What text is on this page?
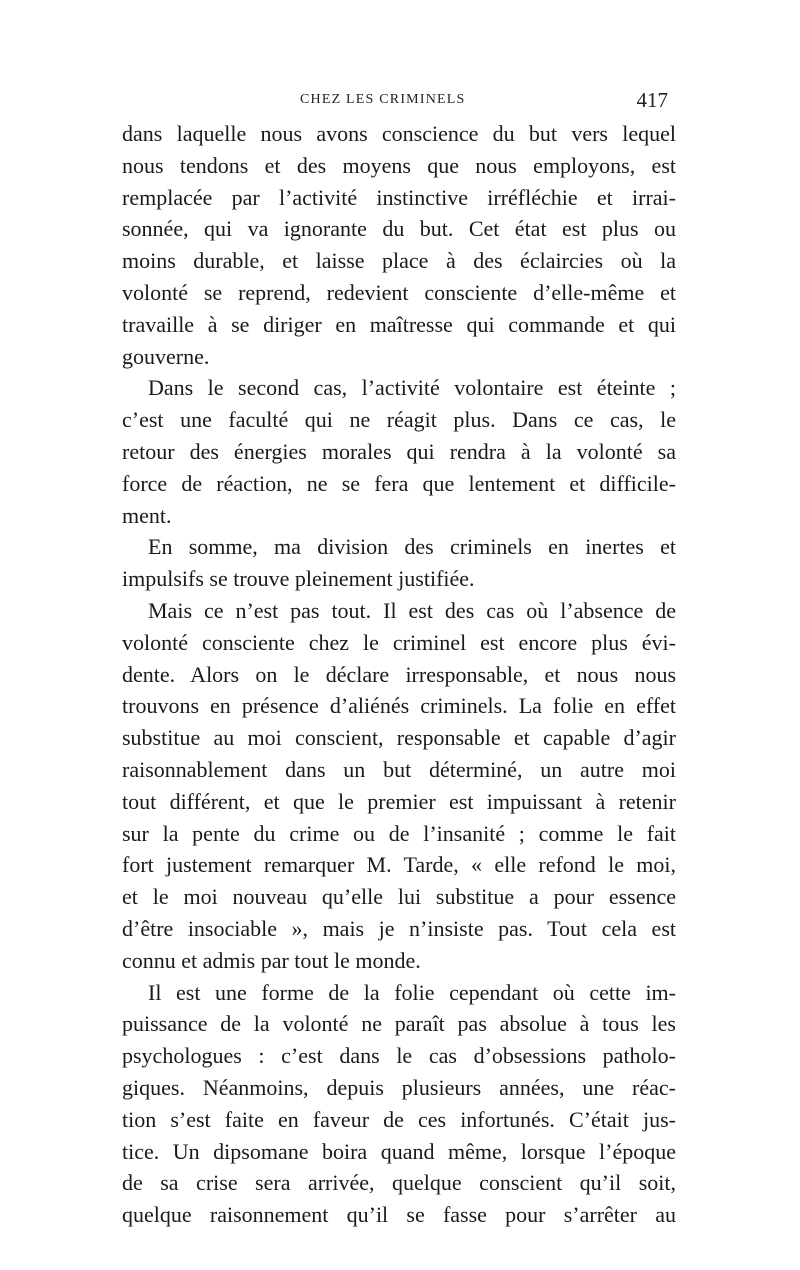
CHEZ LES CRIMINELS	417
dans laquelle nous avons conscience du but vers lequel
nous tendons et des moyens que nous employons, est
remplacée par l’activité instinctive irréfléchie et irrai-
sonnée, qui va ignorante du but. Cet état est plus ou
moins durable, et laisse place à des éclaircies où la
volonté se reprend, redevient consciente d’elle-même et
travaille à se diriger en maîtresse qui commande et qui
gouverne.
Dans le second cas, l’activité volontaire est éteinte ;
c’est une faculté qui ne réagit plus. Dans ce cas, le
retour des énergies morales qui rendra à la volonté sa
force de réaction, ne se fera que lentement et difficile-
ment.
En somme, ma division des criminels en inertes et
impulsifs se trouve pleinement justifiée.
Mais ce n’est pas tout. Il est des cas où l’absence de
volonté consciente chez le criminel est encore plus évi-
dente. Alors on le déclare irresponsable, et nous nous
trouvons en présence d’aliénés criminels. La folie en effet
substitue au moi conscient, responsable et capable d’agir
raisonnablement dans un but déterminé, un autre moi
tout différent, et que le premier est impuissant à retenir
sur la pente du crime ou de l’insanité ; comme le fait
fort justement remarquer M. Tarde, « elle refond le moi,
et le moi nouveau qu’elle lui substitue a pour essence
d’être insociable », mais je n’insiste pas. Tout cela est
connu et admis par tout le monde.
Il est une forme de la folie cependant où cette im-
puissance de la volonté ne paraît pas absolue à tous les
psychologues : c’est dans le cas d’obsessions patholo-
giques. Néanmoins, depuis plusieurs années, une réac-
tion s’est faite en faveur de ces infortunés. C’était jus-
tice. Un dipsomane boira quand même, lorsque l’époque
de sa crise sera arrivée, quelque conscient qu’il soit,
quelque raisonnement qu’il se fasse pour s’arrêter au
